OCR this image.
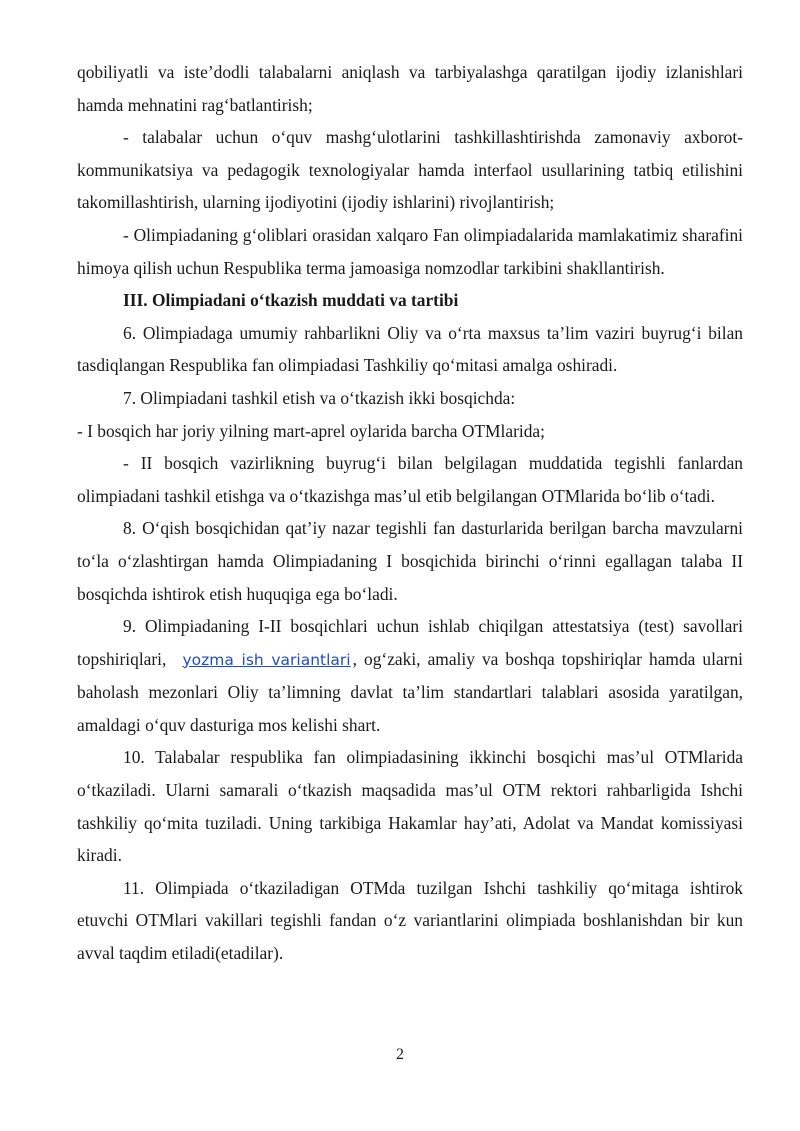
qobiliyatli va iste’dodli talabalarni aniqlash va tarbiyalashga qaratilgan ijodiy izlanishlari hamda mehnatini rag‘batlantirish;

- talabalar uchun o‘quv mashg‘ulotlarini tashkillashtirishda zamonaviy axborot-kommunikatsiya va pedagogik texnologiyalar hamda interfaol usullarining tatbiq etilishini takomillashtirish, ularning ijodiyotini (ijodiy ishlarini) rivojlantirish;

- Olimpiadaning g‘oliblari orasidan xalqaro Fan olimpiadalarida mamlakatimiz sharafini himoya qilish uchun Respublika terma jamoasiga nomzodlar tarkibini shakllantirish.

III. Olimpiadani o‘tkazish muddati va tartibi

6. Olimpiadaga umumiy rahbarlikni Oliy va o‘rta maxsus ta’lim vaziri buyrug‘i bilan tasdiqlangan Respublika fan olimpiadasi Tashkiliy qo‘mitasi amalga oshiradi.

7. Olimpiadani tashkil etish va o‘tkazish ikki bosqichda:

- I bosqich har joriy yilning mart-aprel oylarida barcha OTMlarida;

- II bosqich vazirlikning buyrug‘i bilan belgilagan muddatida tegishli fanlardan olimpiadani tashkil etishga va o‘tkazishga mas’ul etib belgilangan OTMlarida bo‘lib o‘tadi.

8. O‘qish bosqichidan qat’iy nazar tegishli fan dasturlarida berilgan barcha mavzularni to‘la o‘zlashtirgan hamda Olimpiadaning I bosqichida birinchi o‘rinni egallagan talaba II bosqichda ishtirok etish huquqiga ega bo‘ladi.

9. Olimpiadaning I-II bosqichlari uchun ishlab chiqilgan attestatsiya (test) savollari topshiriqlari, yozma ish variantlari , og‘zaki, amaliy va boshqa topshiriqlar hamda ularni baholash mezonlari Oliy ta’limning davlat ta’lim standartlari talablari asosida yaratilgan, amaldagi o‘quv dasturiga mos kelishi shart.

10. Talabalar respublika fan olimpiadasining ikkinchi bosqichi mas’ul OTMlarida o‘tkaziladi. Ularni samarali o‘tkazish maqsadida mas’ul OTM rektori rahbarligida Ishchi tashkiliy qo‘mita tuziladi. Uning tarkibiga Hakamlar hay’ati, Adolat va Mandat komissiyasi kiradi.

11. Olimpiada o‘tkaziladigan OTMda tuzilgan Ishchi tashkiliy qo‘mitaga ishtirok etuvchi OTMlari vakillari tegishli fandan o‘z variantlarini olimpiada boshlanishdan bir kun avval taqdim etiladi(etadilar).

2
